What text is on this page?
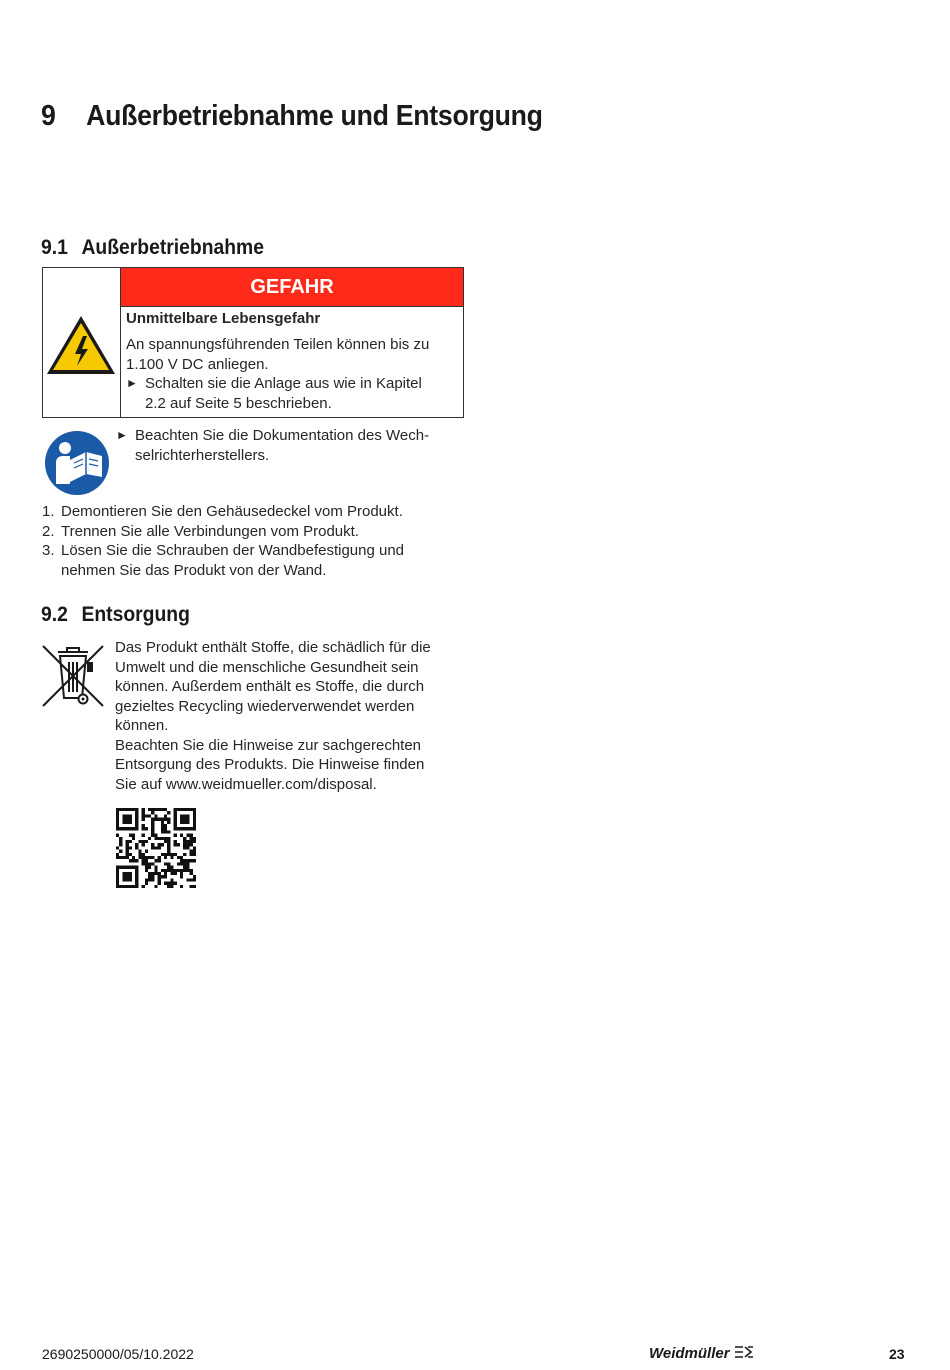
9 Außerbetriebnahme und Entsorgung
9.1 Außerbetriebnahme
GEFAHR
Unmittelbare Lebensgefahr
An spannungsführenden Teilen können bis zu
1.100 V DC anliegen.
► Schalten sie die Anlage aus wie in Kapitel
2.2 auf Seite 5 beschrieben.
► Beachten Sie die Dokumentation des Wech-
selrichterherstellers.
1. Demontieren Sie den Gehäusedeckel vom Produkt.
2. Trennen Sie alle Verbindungen vom Produkt.
3. Lösen Sie die Schrauben der Wandbefestigung und
nehmen Sie das Produkt von der Wand.
9.2 Entsorgung
Das Produkt enthält Stoffe, die schädlich für die
Umwelt und die menschliche Gesundheit sein
können. Außerdem enthält es Stoffe, die durch
gezieltes Recycling wiederverwendet werden
können.
Beachten Sie die Hinweise zur sachgerechten
Entsorgung des Produkts. Die Hinweise finden
Sie auf www.weidmueller.com/disposal.
2690250000/05/10.2022	Weidmüller	23
